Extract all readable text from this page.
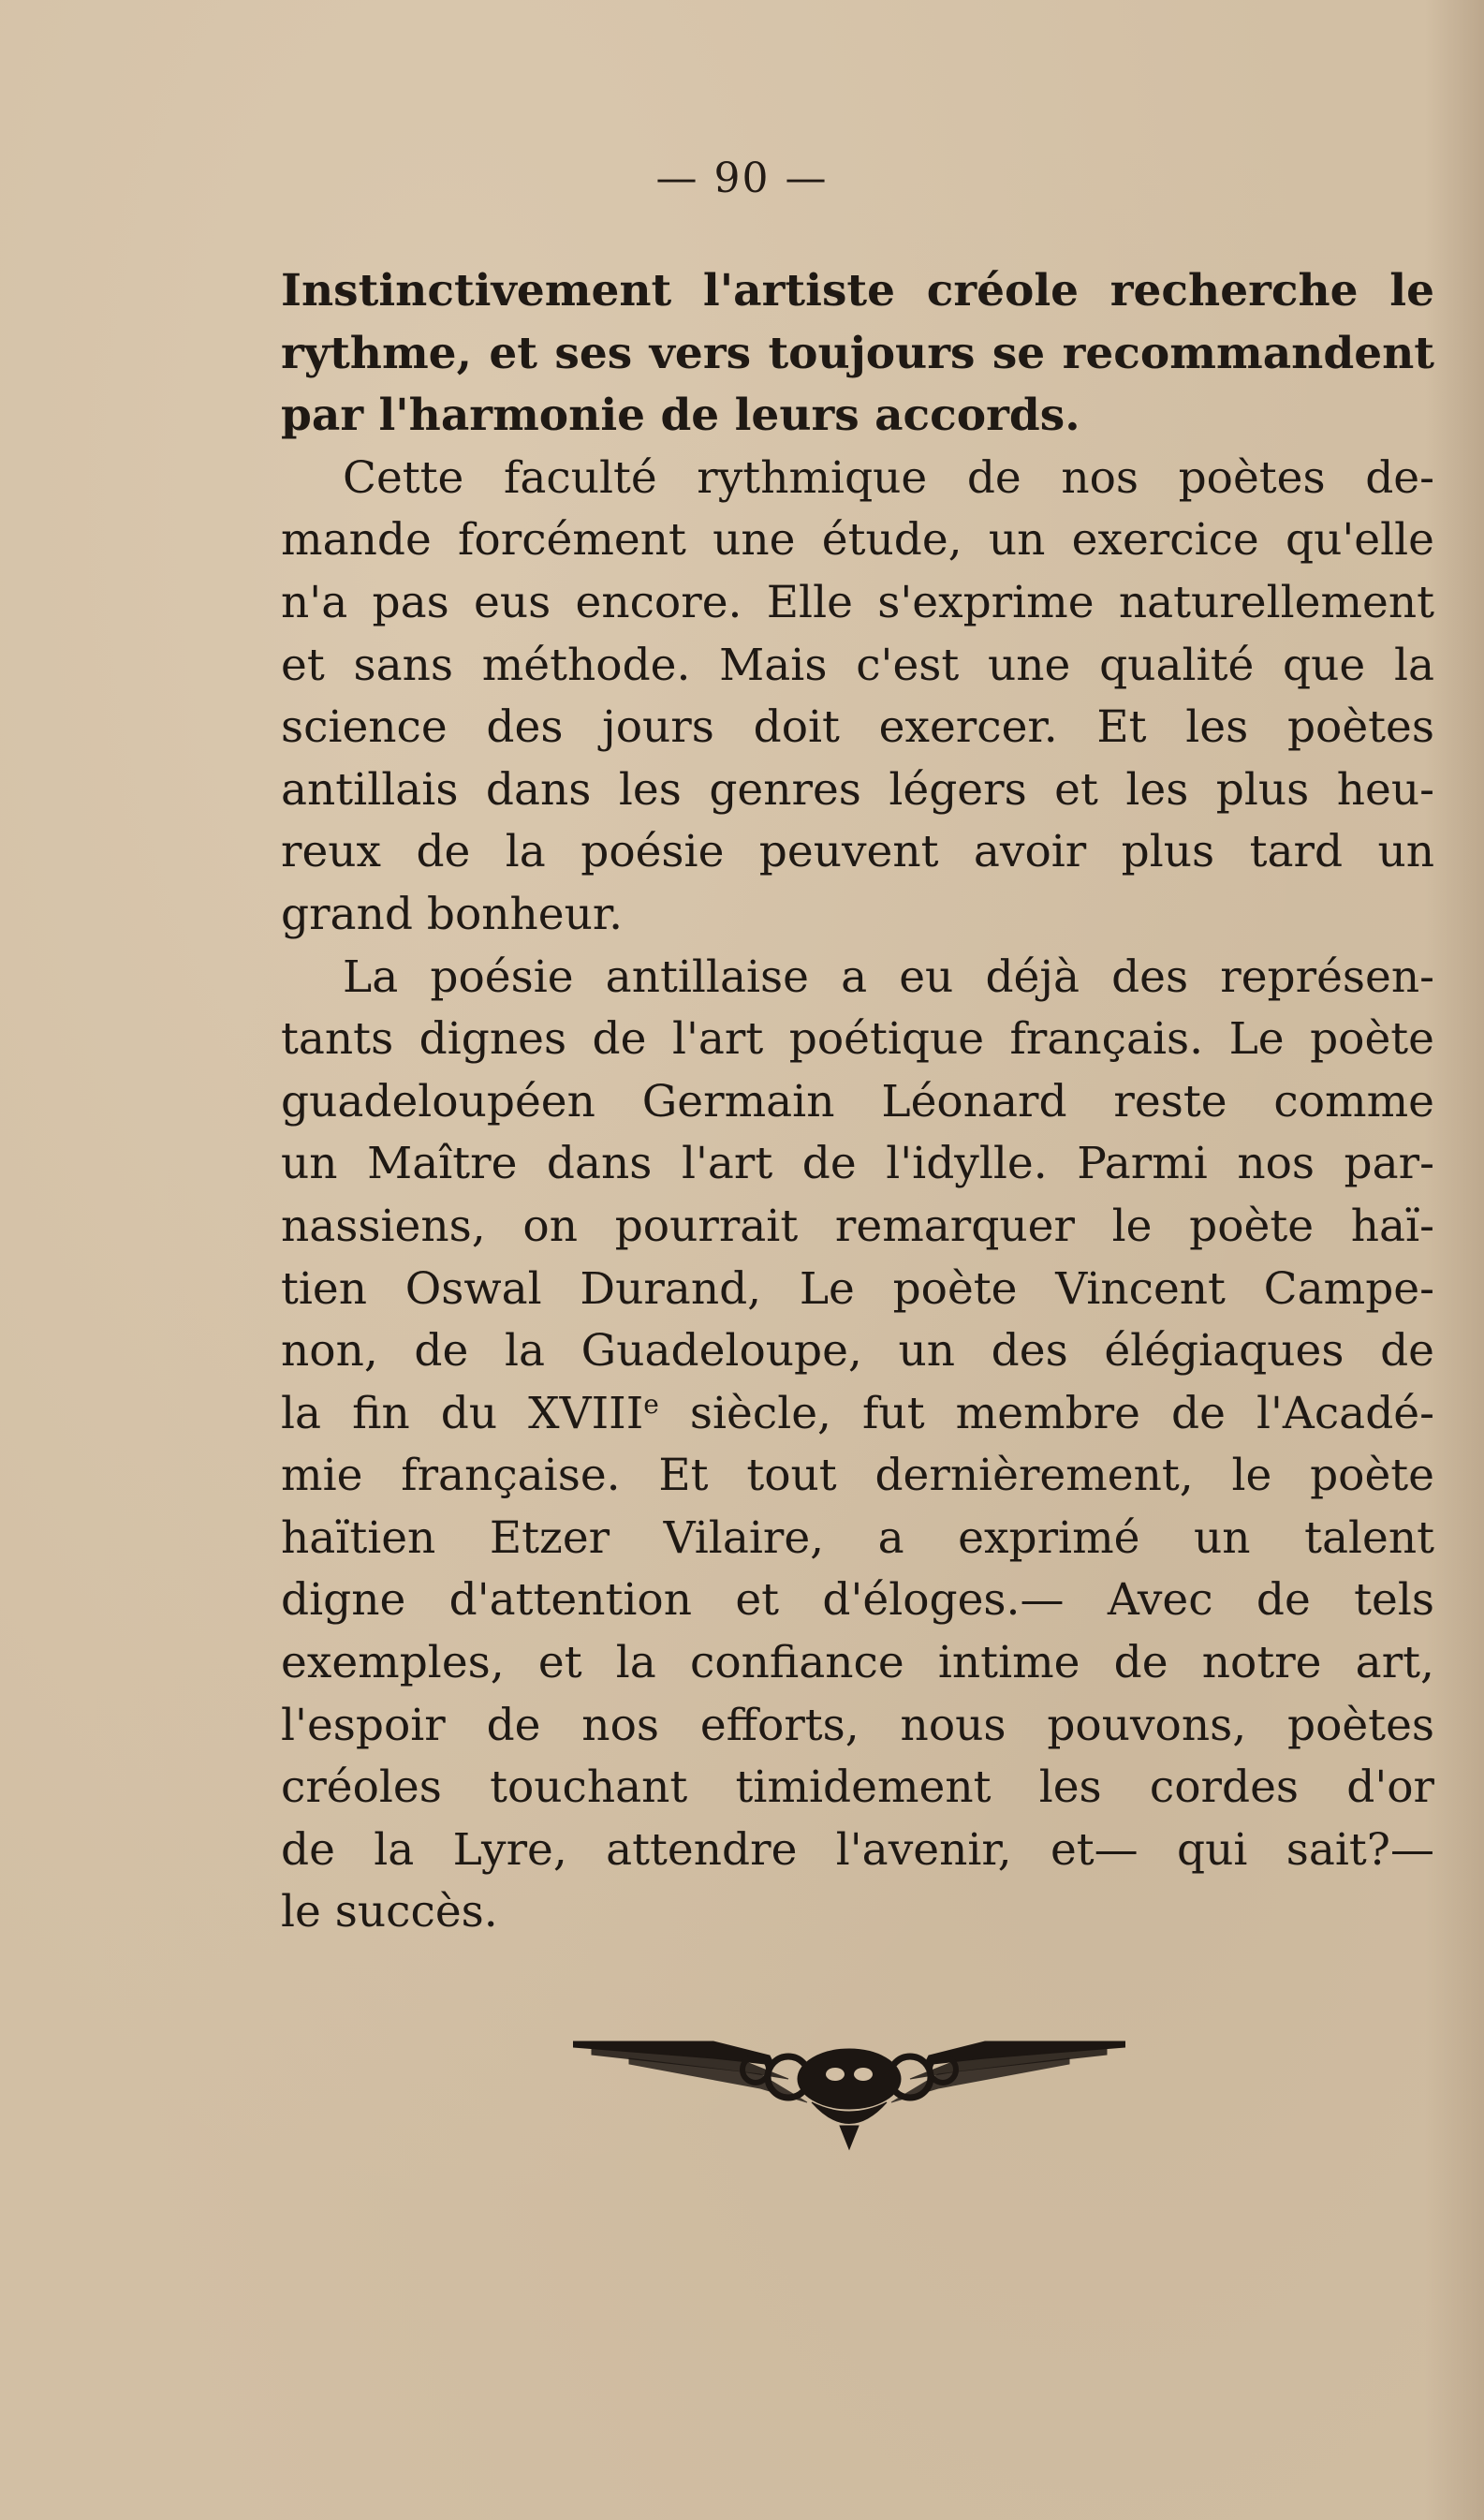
— 90 —
Instinctivement l'artiste créole recherche le
rythme, et ses vers toujours se recommandent
par l'harmonie de leurs accords.
Cette faculté rythmique de nos poètes de-
mande forcément une étude, un exercice qu'elle
n'a pas eus encore. Elle s'exprime naturellement
et sans méthode. Mais c'est une qualité que la
science des jours doit exercer. Et les poètes
antillais dans les genres légers et les plus heu-
reux de la poésie peuvent avoir plus tard un
grand bonheur.
La poésie antillaise a eu déjà des représen-
tants dignes de l'art poétique français. Le poète
guadeloupéen Germain Léonard reste comme
un Maître dans l'art de l'idylle. Parmi nos par-
nassiens, on pourrait remarquer le poète haï-
tien Oswal Durand, Le poète Vincent Campe-
non, de la Guadeloupe, un des élégiaques de
la fin du XVIIIe siècle, fut membre de l'Acadé-
mie française. Et tout dernièrement, le poète
haïtien Etzer Vilaire, a exprimé un talent
digne d'attention et d'éloges.— Avec de tels
exemples, et la confiance intime de notre art,
l'espoir de nos efforts, nous pouvons, poètes
créoles touchant timidement les cordes d'or
de la Lyre, attendre l'avenir, et— qui sait?—
le succès.
